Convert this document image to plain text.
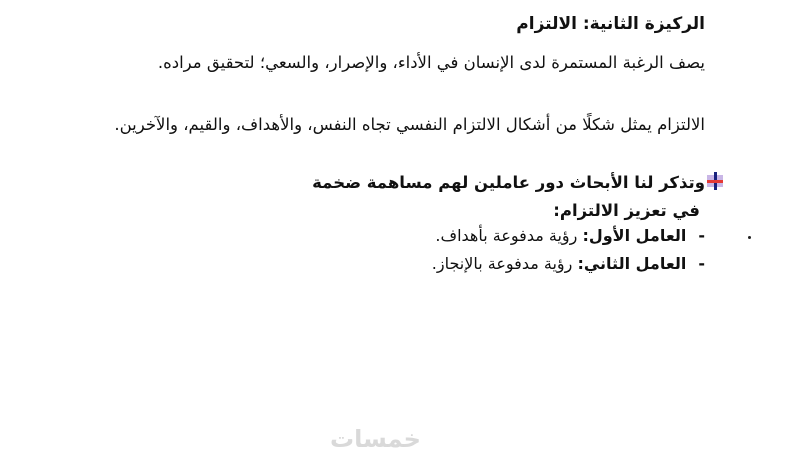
الركيزة الثانية: الالتزام

يصف الرغبة المستمرة لدى الإنسان في الأداء، والإصرار، والسعي؛ لتحقيق مراده.

الالتزام يمثل شكلًا من أشكال الالتزام النفسي تجاه النفس، والأهداف، والقيم، والآخرين.

وتذكر لنا الأبحاث دور عاملين لهم مساهمة ضخمة

في تعزيز الالتزام:

-العامل الأول: رؤية مدفوعة بأهداف.

-العامل الثاني: رؤية مدفوعة بالإنجاز.

خمسات
